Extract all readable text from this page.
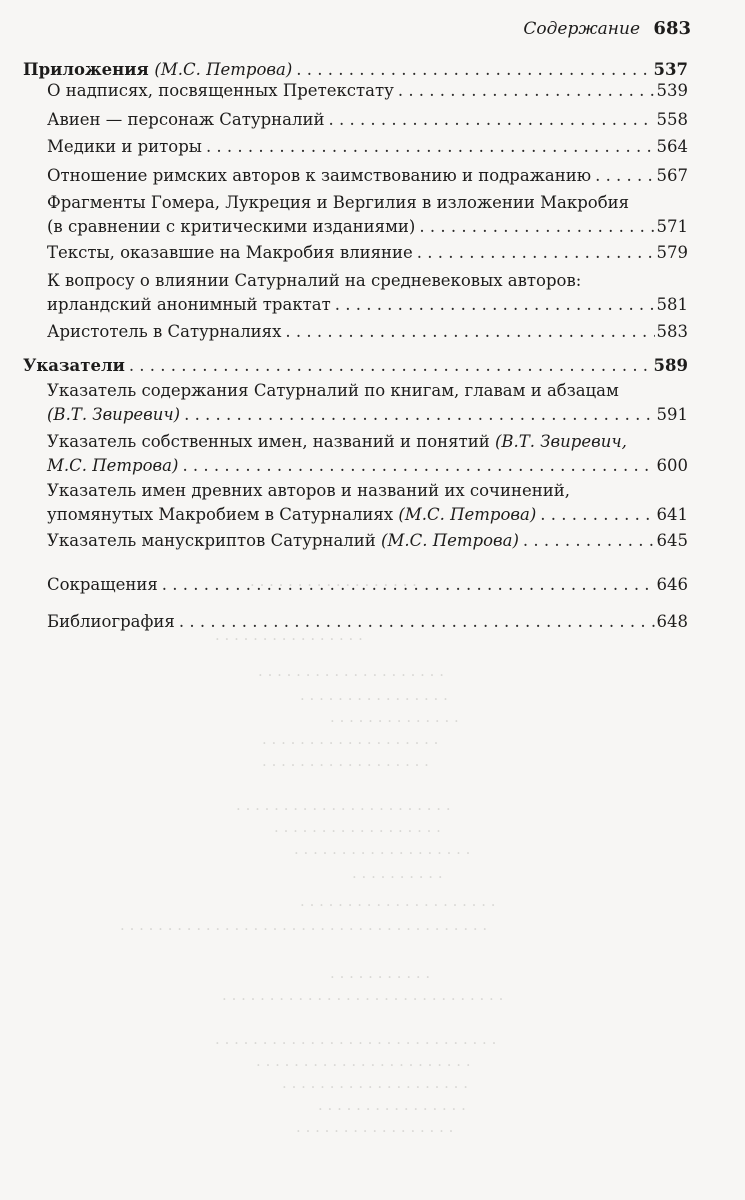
. . . . . . . . . . . . . . . . . .
. . . . . . . . . . . . . . . .
. . . . . . . . . . . . . . . . . . . .
. . . . . . . . . . . . . . . .
. . . . . . . . . . . . . .
. . . . . . . . . . . . . . . . . . .
. . . . . . . . . . . . . . . . . .
. . . . . . . . . . . . . . . . . . . . . . .
. . . . . . . . . . . . . . . . . .
. . . . . . . . . . . . . . . . . . .
. . . . . . . . . .
. . . . . . . . . . . . . . . . . . . . .
. . . . . . . . . . . . . . . . . . . . . . . . . . . . . . . . . . . . . . .
. . . . . . . . . . .
. . . . . . . . . . . . . . . . . . . . . . . . . . . . . .
. . . . . . . . . . . . . . . . . . . . . . . . . . . . . .
. . . . . . . . . . . . . . . . . . . . . . .
. . . . . . . . . . . . . . . . . . . .
. . . . . . . . . . . . . . . .
. . . . . . . . . . . . . . . . .
Содержание 683
Приложения (М.С. Петрова) . . .	537
О надписях, посвященных Претекстату . . .	539
Авиен — персонаж Сатурналий . . .	558
Медики и риторы . . .	564
Отношение римских авторов к заимствованию и подражанию . . .	567
Фрагменты Гомера, Лукреция и Вергилия в изложении Макробия
(в сравнении с критическими изданиями) . . .	571
Тексты, оказавшие на Макробия влияние . . .	579
К вопросу о влиянии Сатурналий на средневековых авторов:
ирландский анонимный трактат . . .	581
Аристотель в Сатурналиях . . .	583
Указатели . . .	589
Указатель содержания Сатурналий по книгам, главам и абзацам
(В.Т. Звиревич) . . .	591
Указатель собственных имен, названий и понятий (В.Т. Звиревич,
М.С. Петрова) . . .	600
Указатель имен древних авторов и названий их сочинений,
упомянутых Макробием в Сатурналиях (М.С. Петрова) . . .	641
Указатель манускриптов Сатурналий (М.С. Петрова) . . .	645
Сокращения . . .	646
Библиография . . .	648
